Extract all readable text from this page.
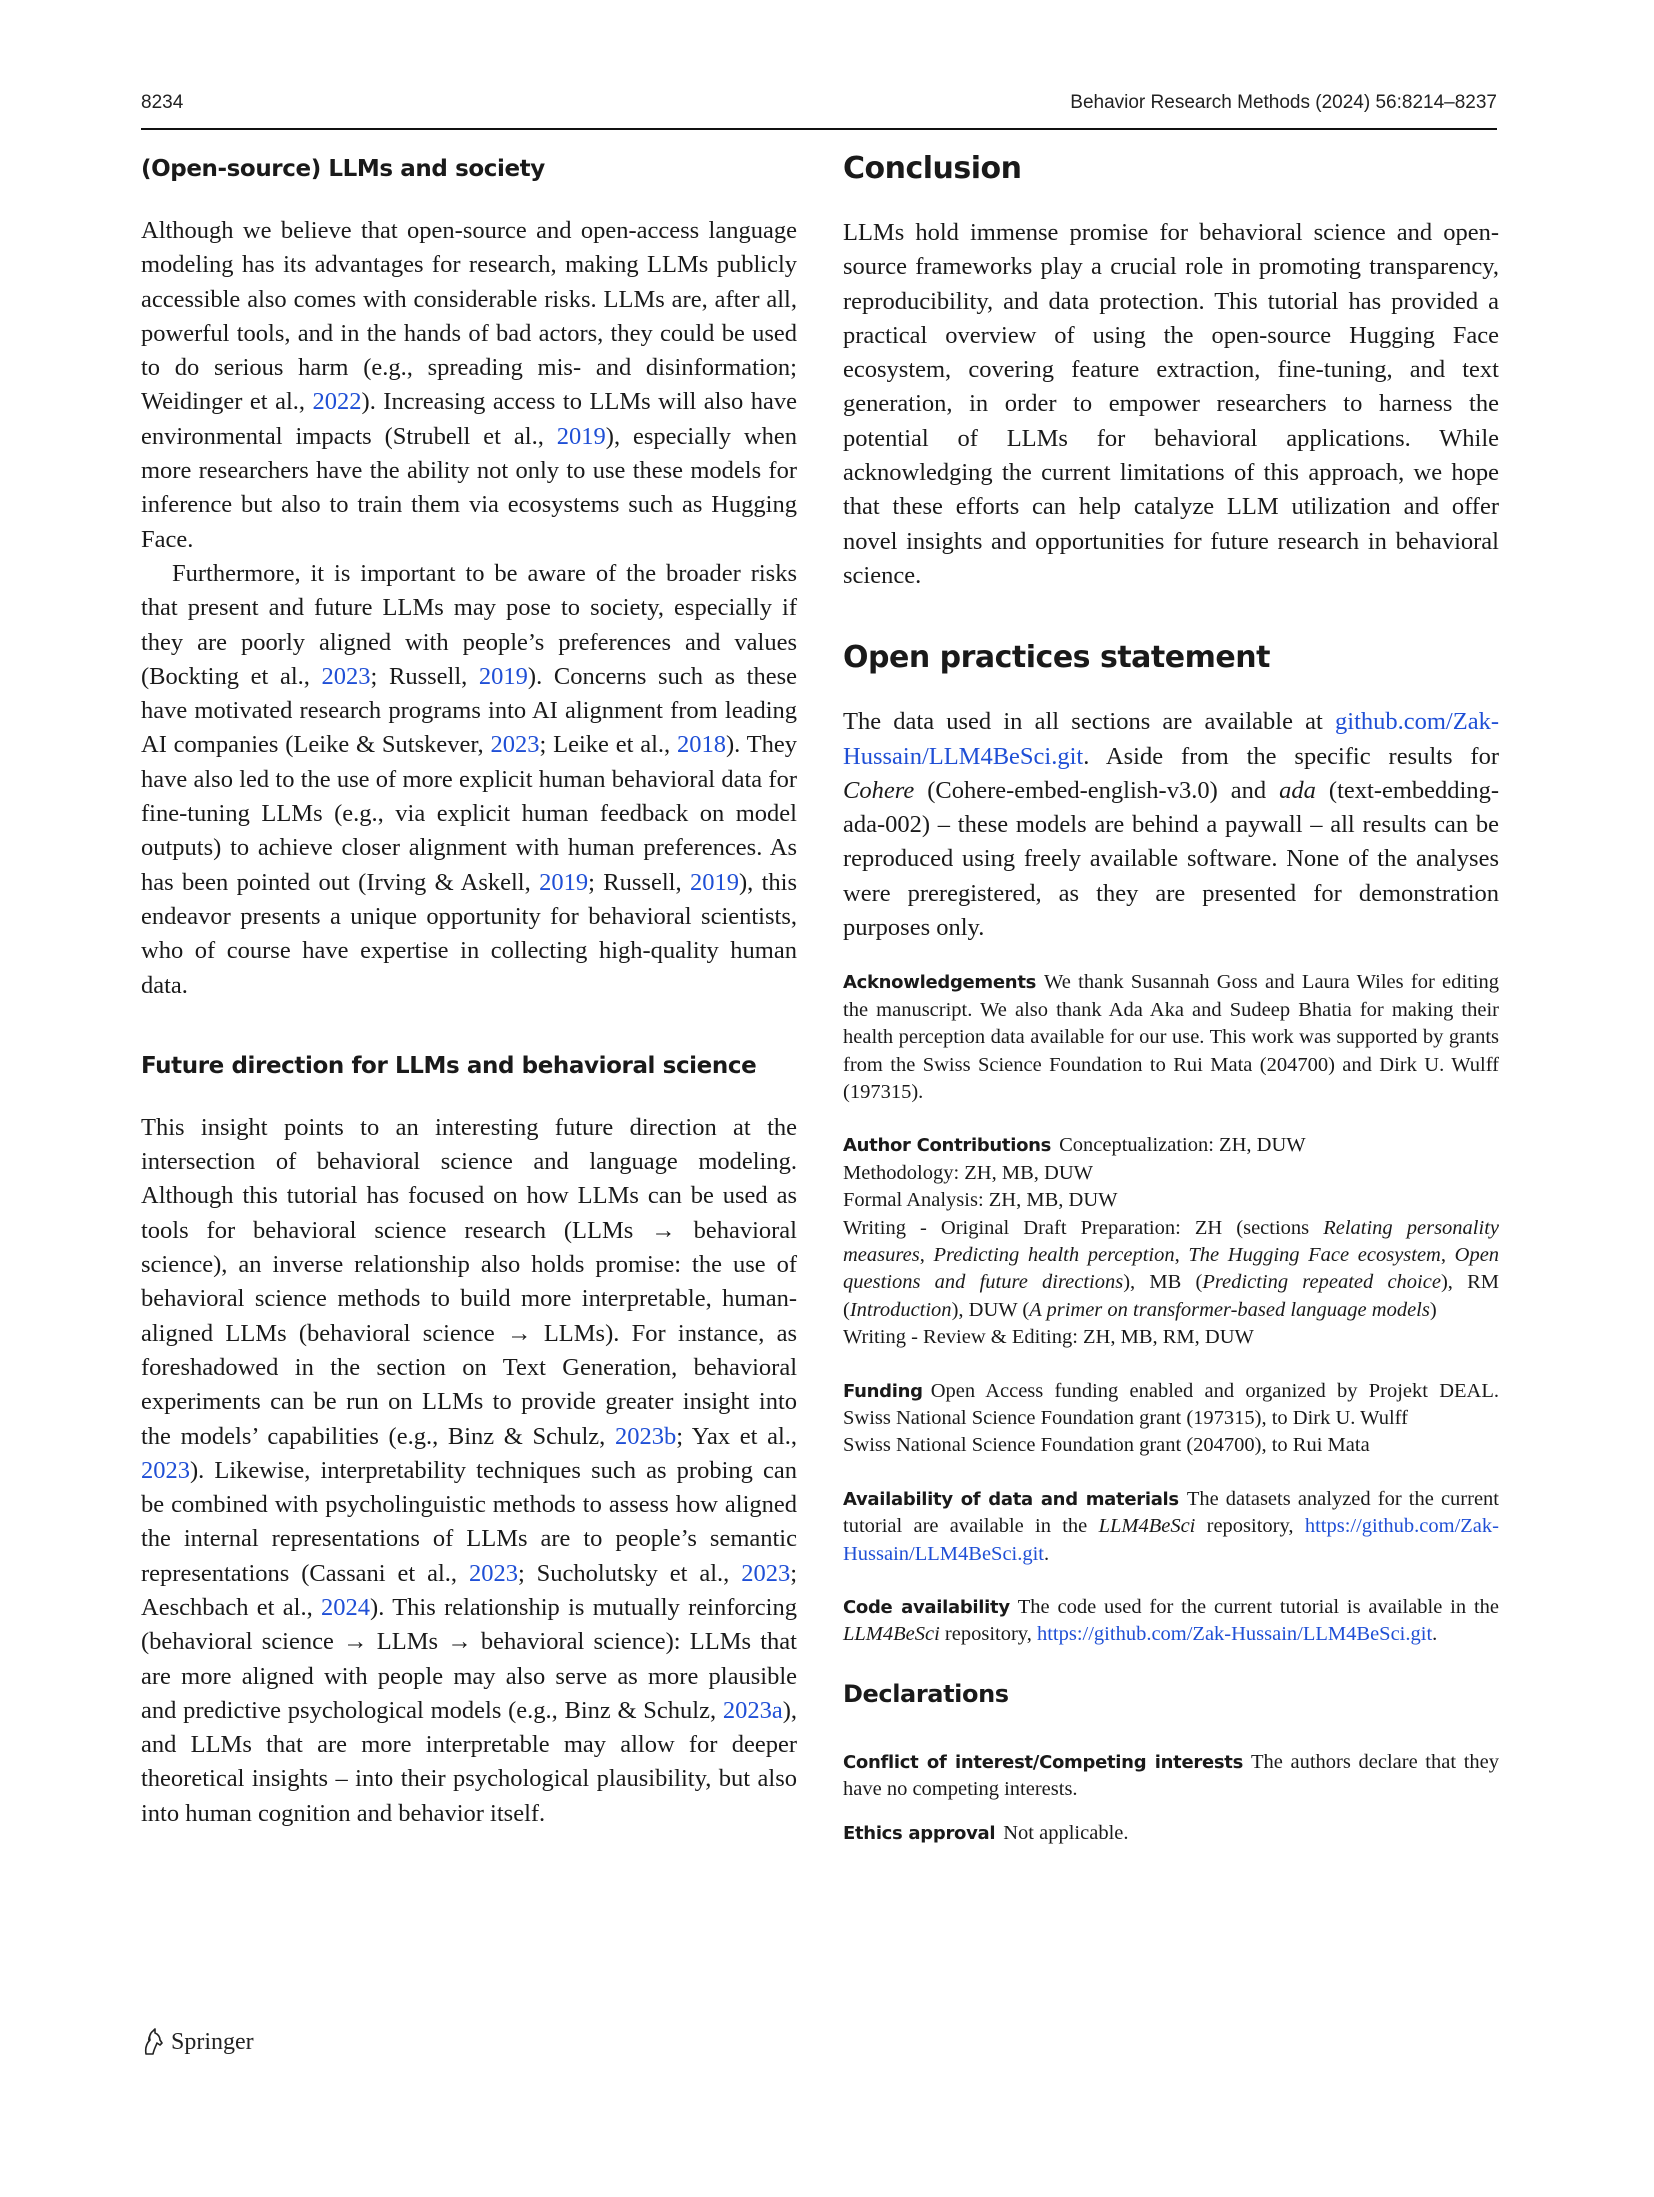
8234	Behavior Research Methods (2024) 56:8214–8237
(Open-source) LLMs and society

Although we believe that open-source and open-access language modeling has its advantages for research, making LLMs publicly accessible also comes with considerable risks. LLMs are, after all, powerful tools, and in the hands of bad actors, they could be used to do serious harm (e.g., spreading mis- and disinformation; Weidinger et al., 2022). Increasing access to LLMs will also have environmental impacts (Strubell et al., 2019), especially when more researchers have the ability not only to use these models for inference but also to train them via ecosystems such as Hugging Face.

Furthermore, it is important to be aware of the broader risks that present and future LLMs may pose to society, especially if they are poorly aligned with people’s preferences and values (Bockting et al., 2023; Russell, 2019). Concerns such as these have motivated research programs into AI alignment from leading AI companies (Leike & Sutskever, 2023; Leike et al., 2018). They have also led to the use of more explicit human behavioral data for fine-tuning LLMs (e.g., via explicit human feedback on model outputs) to achieve closer alignment with human preferences. As has been pointed out (Irving & Askell, 2019; Russell, 2019), this endeavor presents a unique opportunity for behavioral scientists, who of course have expertise in collecting high-quality human data.

Future direction for LLMs and behavioral science

This insight points to an interesting future direction at the intersection of behavioral science and language modeling. Although this tutorial has focused on how LLMs can be used as tools for behavioral science research (LLMs → behavioral science), an inverse relationship also holds promise: the use of behavioral science methods to build more interpretable, human-aligned LLMs (behavioral science → LLMs). For instance, as foreshadowed in the section on Text Generation, behavioral experiments can be run on LLMs to provide greater insight into the models’ capabilities (e.g., Binz & Schulz, 2023b; Yax et al., 2023). Likewise, interpretability techniques such as probing can be combined with psycholinguistic methods to assess how aligned the internal representations of LLMs are to people’s semantic representations (Cassani et al., 2023; Sucholutsky et al., 2023; Aeschbach et al., 2024). This relationship is mutually reinforcing (behavioral science → LLMs → behavioral science): LLMs that are more aligned with people may also serve as more plausible and predictive psychological models (e.g., Binz & Schulz, 2023a), and LLMs that are more interpretable may allow for deeper theoretical insights – into their psychological plausibility, but also into human cognition and behavior itself.

Conclusion

LLMs hold immense promise for behavioral science and open-source frameworks play a crucial role in promoting transparency, reproducibility, and data protection. This tutorial has provided a practical overview of using the open-source Hugging Face ecosystem, covering feature extraction, fine-tuning, and text generation, in order to empower researchers to harness the potential of LLMs for behavioral applications. While acknowledging the current limitations of this approach, we hope that these efforts can help catalyze LLM utilization and offer novel insights and opportunities for future research in behavioral science.

Open practices statement

The data used in all sections are available at github.com/Zak-Hussain/LLM4BeSci.git. Aside from the specific results for Cohere (Cohere-embed-english-v3.0) and ada (text-embedding-ada-002) – these models are behind a paywall – all results can be reproduced using freely available software. None of the analyses were preregistered, as they are presented for demonstration purposes only.

Acknowledgements We thank Susannah Goss and Laura Wiles for editing the manuscript. We also thank Ada Aka and Sudeep Bhatia for making their health perception data available for our use. This work was supported by grants from the Swiss Science Foundation to Rui Mata (204700) and Dirk U. Wulff (197315).

Author Contributions Conceptualization: ZH, DUW
Methodology: ZH, MB, DUW
Formal Analysis: ZH, MB, DUW
Writing - Original Draft Preparation: ZH (sections Relating personality measures, Predicting health perception, The Hugging Face ecosystem, Open questions and future directions), MB (Predicting repeated choice), RM (Introduction), DUW (A primer on transformer-based language models)
Writing - Review & Editing: ZH, MB, RM, DUW
Funding Open Access funding enabled and organized by Projekt DEAL. Swiss National Science Foundation grant (197315), to Dirk U. Wulff
Swiss National Science Foundation grant (204700), to Rui Mata

Availability of data and materials The datasets analyzed for the current tutorial are available in the LLM4BeSci repository, https://github.com/Zak-Hussain/LLM4BeSci.git.

Code availability The code used for the current tutorial is available in the LLM4BeSci repository, https://github.com/Zak-Hussain/LLM4BeSci.git.

Declarations

Conflict of interest/Competing interests The authors declare that they have no competing interests.

Ethics approval Not applicable.

Springer
